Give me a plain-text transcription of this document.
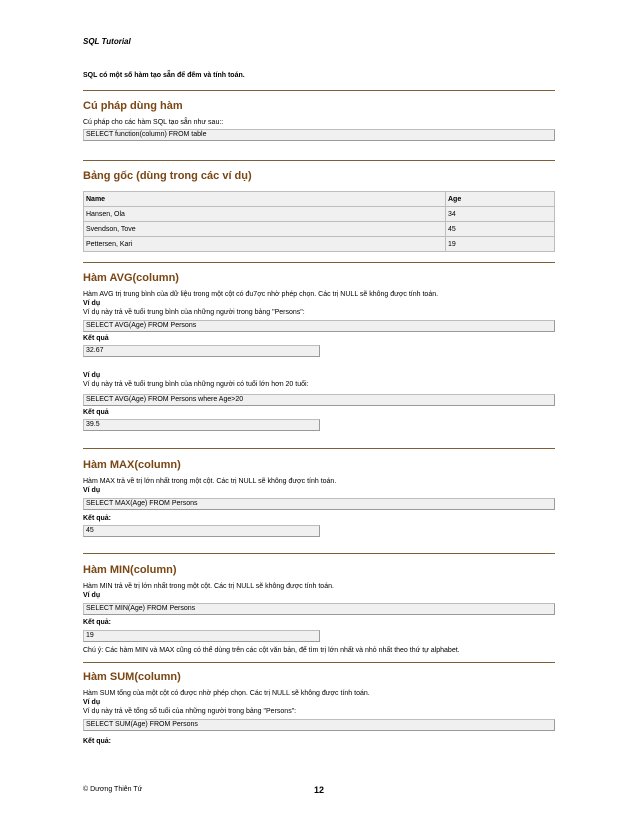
SQL Tutorial
SQL có một số hàm tạo sẵn để đếm và tính toán.
Cú pháp dùng hàm
Cú pháp cho các hàm SQL tạo sẵn như sau::
SELECT function(column) FROM table
Bảng gốc (dùng trong các ví dụ)
Name	Age
Hansen, Ola	34
Svendson, Tove	45
Pettersen, Kari	19
Hàm AVG(column)
Hàm AVG trị trung bình của dữ liệu trong một cột có đu7ợc nhờ phép chọn. Các trị NULL sẽ không được tính toán.
Ví dụ
Ví dụ này trả về tuổi trung bình của những người trong bảng "Persons":
SELECT AVG(Age) FROM Persons
Kết quả
32.67
Ví dụ
Ví dụ này trả về tuổi trung bình của những người có tuổi lớn hơn 20 tuổi:
SELECT AVG(Age) FROM Persons where Age>20
Kết quả
39.5
Hàm MAX(column)
Hàm MAX trả về trị lớn nhất trong một cột. Các trị NULL sẽ không được tính toán.
Ví dụ
SELECT MAX(Age) FROM Persons
Kết quả:
45
Hàm MIN(column)
Hàm MIN trả về trị lớn nhất trong một cột. Các trị NULL sẽ không được tính toán.
Ví dụ
SELECT MIN(Age) FROM Persons
Kết quả:
19
Chú ý: Các hàm MIN và MAX cũng có thể dùng trên các cột văn bản, để tìm trị lớn nhất và nhỏ nhất theo thứ tự alphabet.
Hàm SUM(column)
Hàm SUM tổng của một cột có được nhờ phép chọn. Các trị NULL sẽ không được tính toán.
Ví dụ
Ví dụ này trả về tổng số tuổi của những người trong bảng "Persons":
SELECT SUM(Age) FROM Persons
Kết quả:
© Dương Thiên Tứ	12
